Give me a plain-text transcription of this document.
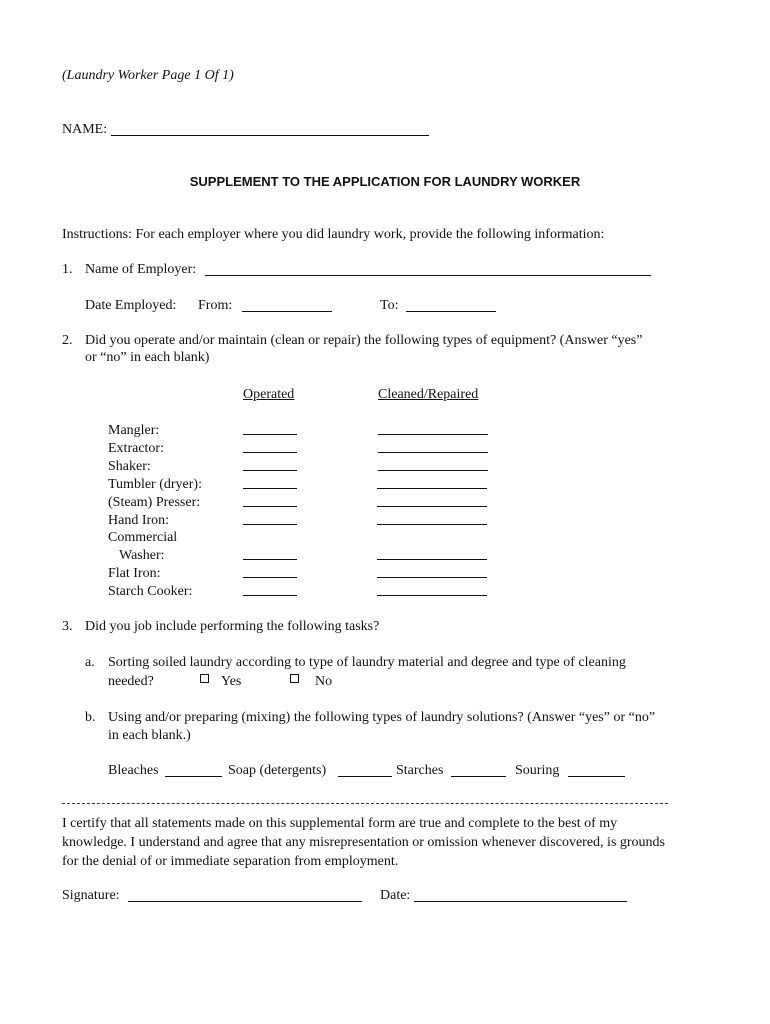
(Laundry Worker Page 1 Of 1)
NAME:
SUPPLEMENT TO THE APPLICATION FOR LAUNDRY WORKER
Instructions: For each employer where you did laundry work, provide the following information:
1. Name of Employer:
Date Employed: From:	To:
2. Did you operate and/or maintain (clean or repair) the following types of equipment? (Answer “yes”
or “no” in each blank)
Operated	Cleaned/Repaired
Mangler:
Extractor:
Shaker:
Tumbler (dryer):
(Steam) Presser:
Hand Iron:
Commercial
Washer:
Flat Iron:
Starch Cooker:
3. Did you job include performing the following tasks?
a. Sorting soiled laundry according to type of laundry material and degree and type of cleaning
needed?	Yes	No
b. Using and/or preparing (mixing) the following types of laundry solutions? (Answer “yes” or “no”
in each blank.)
Bleaches	Soap (detergents)	Starches	Souring
I certify that all statements made on this supplemental form are true and complete to the best of my knowledge. I understand and agree that any misrepresentation or omission whenever discovered, is grounds for the denial of or immediate separation from employment.
Signature:	Date:
